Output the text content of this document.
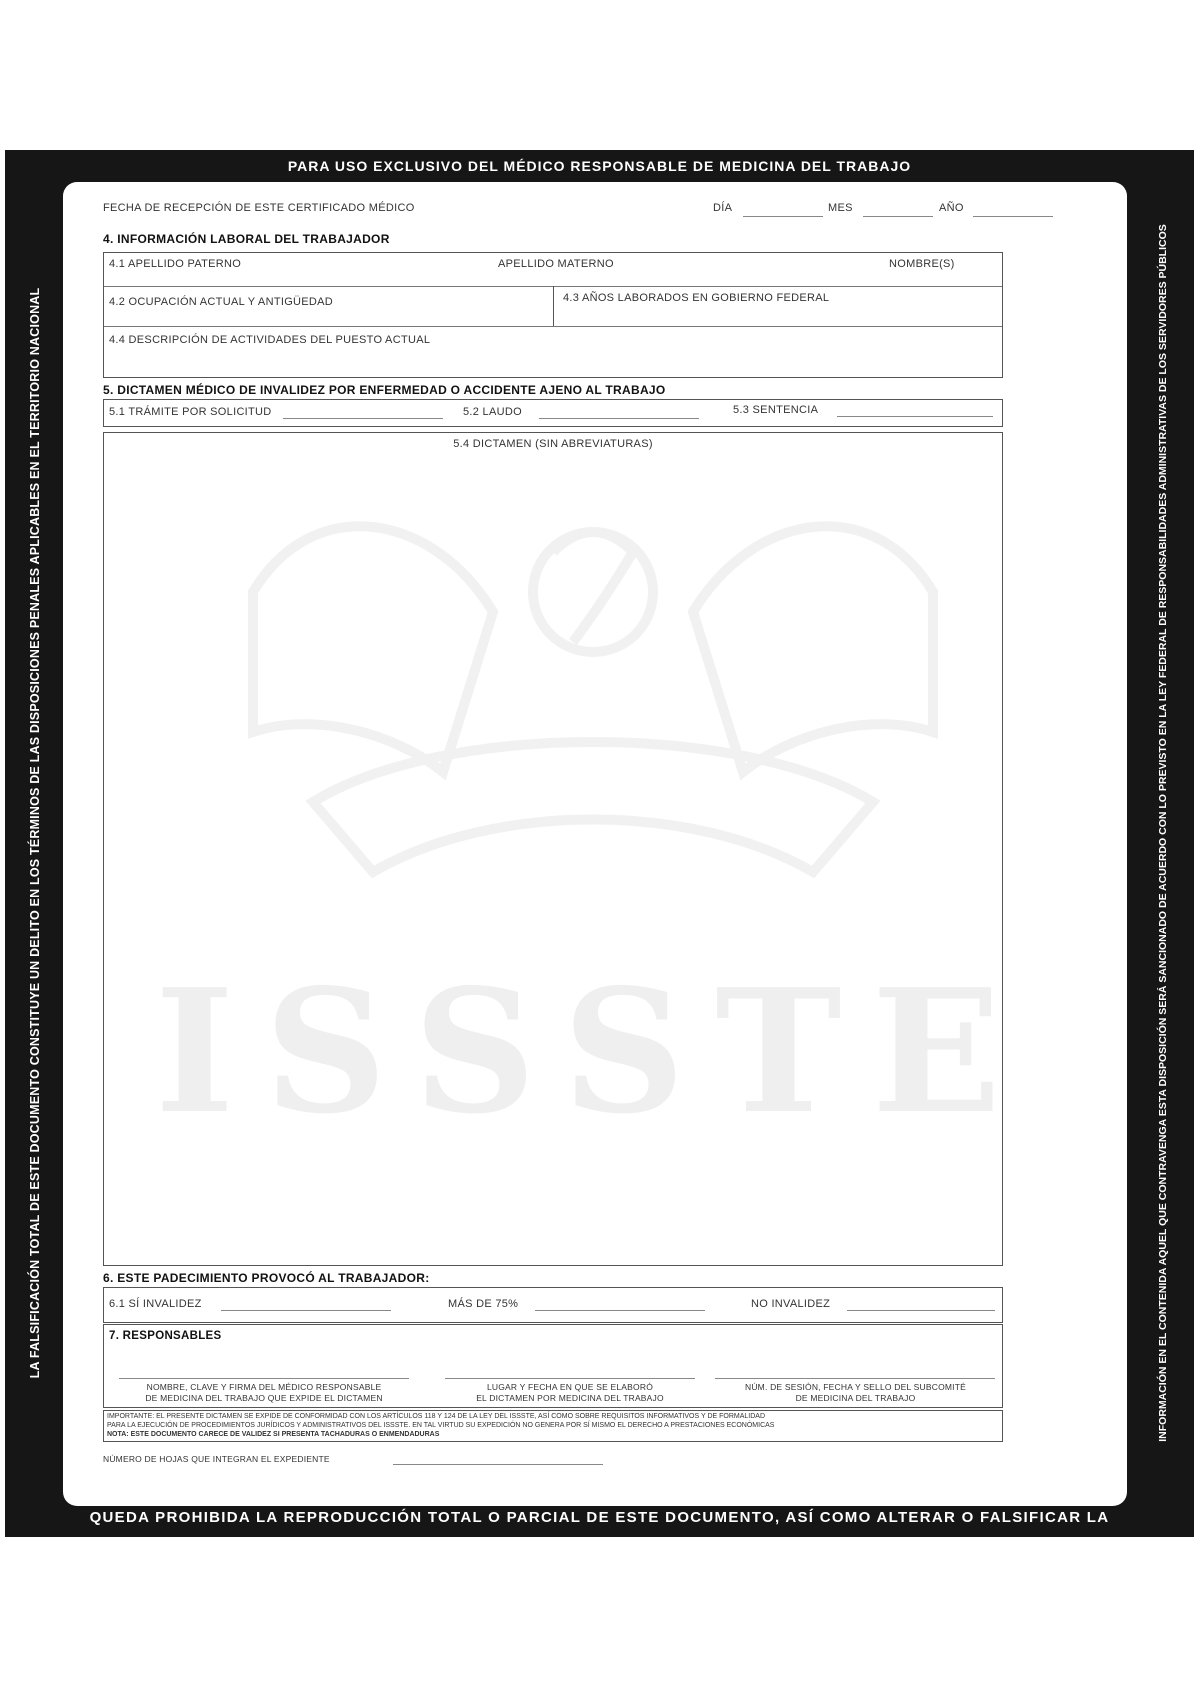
PARA USO EXCLUSIVO DEL MÉDICO RESPONSABLE DE MEDICINA DEL TRABAJO
LA FALSIFICACIÓN TOTAL DE ESTE DOCUMENTO CONSTITUYE UN DELITO EN LOS TÉRMINOS DE LAS DISPOSICIONES PENALES APLICABLES EN EL TERRITORIO NACIONAL	INFORMACIÓN EN EL CONTENIDA AQUEL QUE CONTRAVENGA ESTA DISPOSICIÓN SERÁ SANCIONADO DE ACUERDO CON LO PREVISTO EN LA LEY FEDERAL DE RESPONSABILIDADES ADMINISTRATIVAS DE LOS SERVIDORES PÚBLICOS
QUEDA PROHIBIDA LA REPRODUCCIÓN TOTAL O PARCIAL DE ESTE DOCUMENTO, ASÍ COMO ALTERAR O FALSIFICAR LA
ISSSTE
FECHA DE RECEPCIÓN DE ESTE CERTIFICADO MÉDICO	DÍA	MES	AÑO
4. INFORMACIÓN LABORAL DEL TRABAJADOR
4.1 APELLIDO PATERNO	APELLIDO MATERNO	NOMBRE(S)
4.2 OCUPACIÓN ACTUAL Y ANTIGÜEDAD	4.3 AÑOS LABORADOS EN GOBIERNO FEDERAL
4.4 DESCRIPCIÓN DE ACTIVIDADES DEL PUESTO ACTUAL
5. DICTAMEN MÉDICO DE INVALIDEZ POR ENFERMEDAD O ACCIDENTE AJENO AL TRABAJO
5.1 TRÁMITE POR SOLICITUD	5.2 LAUDO	5.3 SENTENCIA
5.4 DICTAMEN (SIN ABREVIATURAS)
6. ESTE PADECIMIENTO PROVOCÓ AL TRABAJADOR:
6.1 SÍ INVALIDEZ	MÁS DE 75%	NO INVALIDEZ
7. RESPONSABLES
NOMBRE, CLAVE Y FIRMA DEL MÉDICO RESPONSABLE
DE MEDICINA DEL TRABAJO QUE EXPIDE EL DICTAMEN
LUGAR Y FECHA EN QUE SE ELABORÓ
EL DICTAMEN POR MEDICINA DEL TRABAJO
NÚM. DE SESIÓN, FECHA Y SELLO DEL SUBCOMITÉ
DE MEDICINA DEL TRABAJO
IMPORTANTE: EL PRESENTE DICTAMEN SE EXPIDE DE CONFORMIDAD CON LOS ARTÍCULOS 118 Y 124 DE LA LEY DEL ISSSTE, ASÍ COMO SOBRE REQUISITOS INFORMATIVOS Y DE FORMALIDAD
PARA LA EJECUCIÓN DE PROCEDIMIENTOS JURÍDICOS Y ADMINISTRATIVOS DEL ISSSTE. EN TAL VIRTUD SU EXPEDICIÓN NO GENERA POR SÍ MISMO EL DERECHO A PRESTACIONES ECONÓMICAS
NOTA: ESTE DOCUMENTO CARECE DE VALIDEZ SI PRESENTA TACHADURAS O ENMENDADURAS
NÚMERO DE HOJAS QUE INTEGRAN EL EXPEDIENTE
